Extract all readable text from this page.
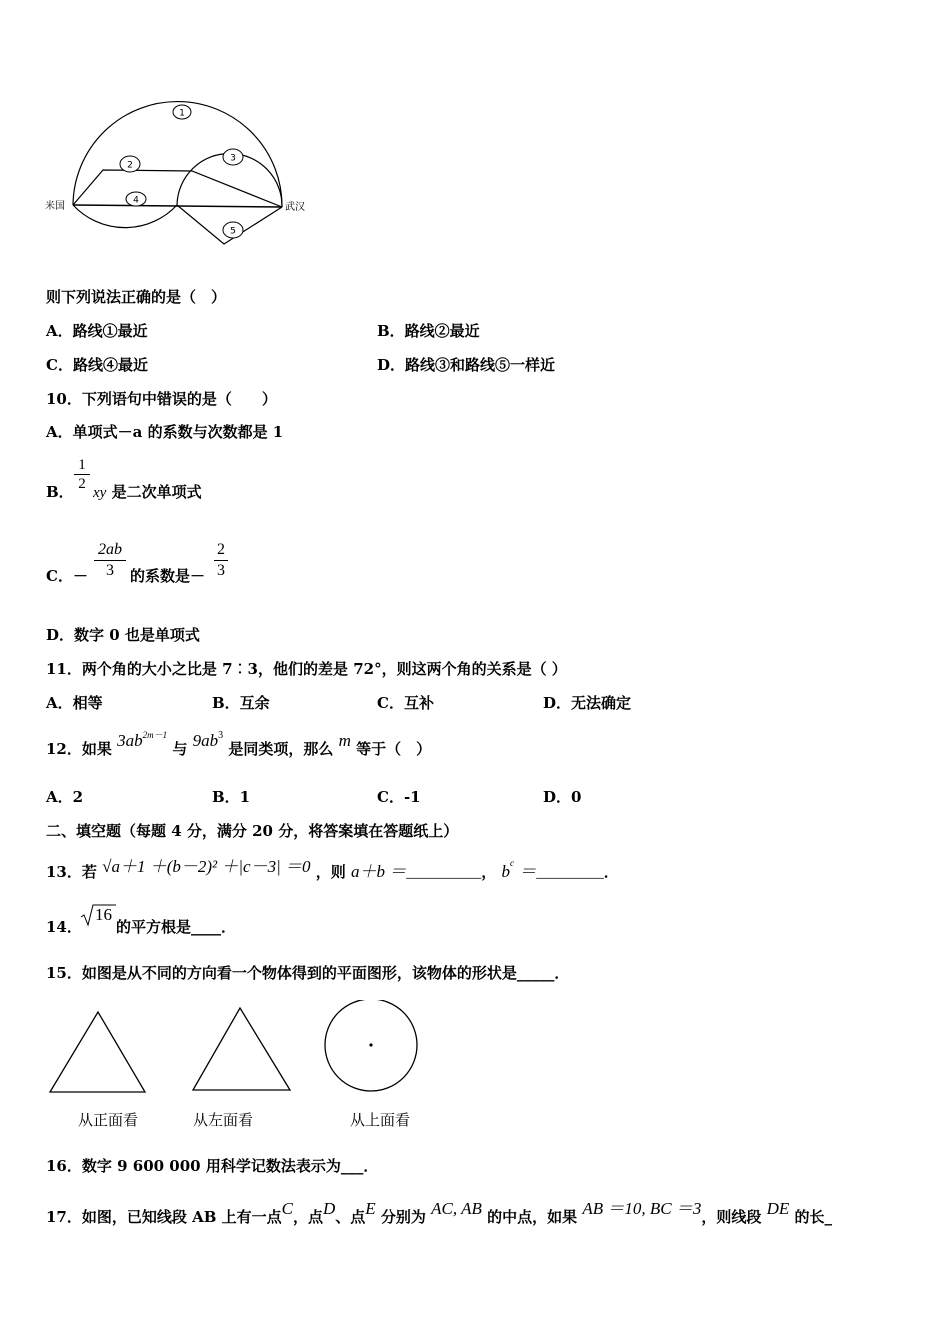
1
2
3
4
5
米国	武汉
则下列说法正确的是（　）
A．路线①最近	B．路线②最近
C．路线④最近	D．路线③和路线⑤一样近
10．下列语句中错误的是（　　）
A．单项式－a 的系数与次数都是 1
B． $\frac{1}{2}$ xy 是二次单项式
C．－ $\frac{2ab}{3}$ 的系数是－ $\frac{2}{3}$
D．数字 0 也是单项式
11．两个角的大小之比是 7︰3，他们的差是 72°，则这两个角的关系是（ ）
A．相等	B．互余	C．互补	D．无法确定
12．如果 $3ab^{2m-1}$ 与 $9ab^3$ 是同类项，那么 m 等于（　）
A．2	B．1	C．-1	D．0
二、填空题（每题 4 分，满分 20 分，将答案填在答题纸上）
13．若 √a＋1 ＋(b－2)² ＋|c－3| ＝0 ，则 a＋b ＝__________， $b^c$ ＝_________．
14．
16
的平方根是____．
15．如图是从不同的方向看一个物体得到的平面图形，该物体的形状是_____．
从正面看	从左面看	从上面看
16．数字 9 600 000 用科学记数法表示为___．
17．如图，已知线段 AB 上有一点C，点D、点E 分别为 AC, AB 的中点，如果 AB ＝10, BC ＝3，则线段 DE 的长_
